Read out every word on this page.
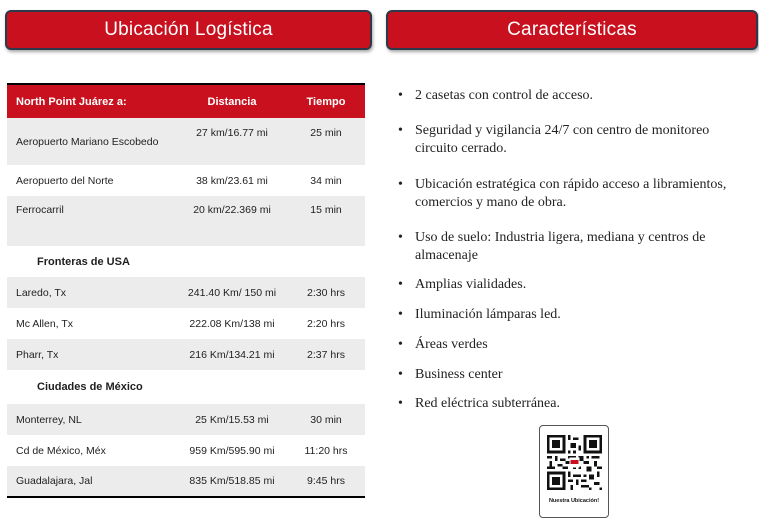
Ubicación Logística	Características
North Point Juárez a:	Distancia	Tiempo
Aeropuerto Mariano Escobedo	27 km/16.77 mi	25 min
Aeropuerto del Norte	38 km/23.61 mi	34 min
Ferrocarril	20 km/22.369 mi	15 min
Fronteras de USA		
Laredo, Tx	241.40 Km/ 150 mi	2:30 hrs
Mc Allen, Tx	222.08 Km/138 mi	2:20 hrs
Pharr, Tx	216 Km/134.21 mi	2:37 hrs
Ciudades de México		
Monterrey, NL	25 Km/15.53 mi	30 min
Cd de México, Méx	959 Km/595.90 mi	11:20 hrs
Guadalajara, Jal	835 Km/518.85 mi	9:45 hrs
• 2 casetas con control de acceso.
• Seguridad y vigilancia 24/7 con centro de monitoreo circuito cerrado.
• Ubicación estratégica con rápido acceso a libramientos, comercios y mano de obra.
• Uso de suelo: Industria ligera, mediana y centros de almacenaje
• Amplias vialidades.
• Iluminación lámparas led.
• Áreas verdes
• Business center
• Red eléctrica subterránea.
Nuestra Ubicación!
